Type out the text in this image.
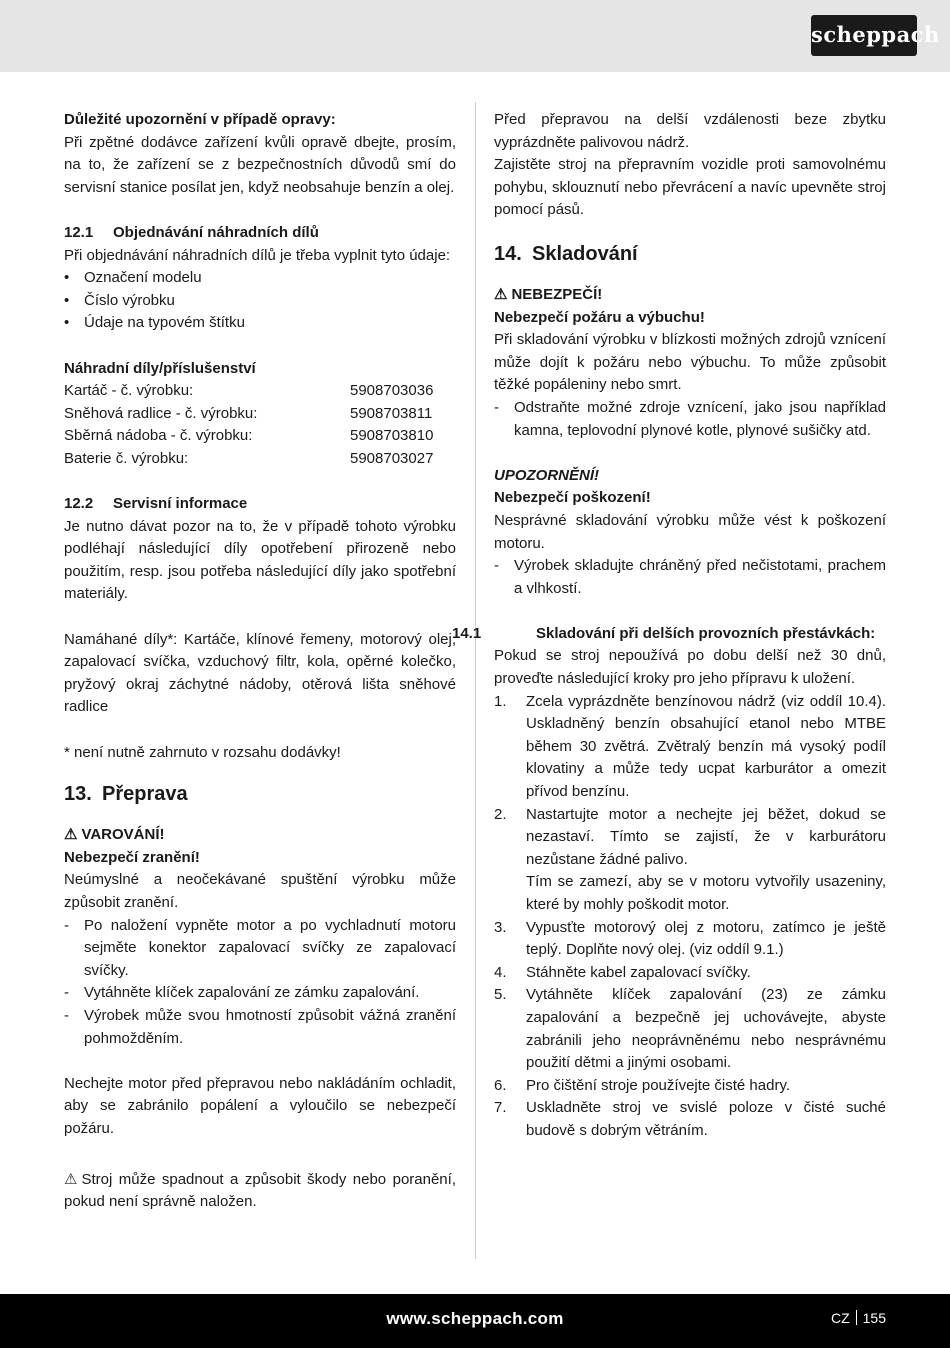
scheppach

Důležité upozornění v případě opravy:

Při zpětné dodávce zařízení kvůli opravě dbejte, prosím, na to, že zařízení se z bezpečnostních důvodů smí do servisní stanice posílat jen, když neobsahuje benzín a olej.

12.1 Objednávání náhradních dílů

Při objednávání náhradních dílů je třeba vyplnit tyto údaje:

• Označení modelu
• Číslo výrobku
• Údaje na typovém štítku

Náhradní díly/příslušenství

Kartáč - č. výrobku:	5908703036
Sněhová radlice - č. výrobku:	5908703811
Sběrná nádoba - č. výrobku:	5908703810
Baterie č. výrobku:	5908703027

12.2 Servisní informace

Je nutno dávat pozor na to, že v případě tohoto výrobku podléhají následující díly opotřebení přirozeně nebo použitím, resp. jsou potřeba následující díly jako spotřební materiály.

Namáhané díly*: Kartáče, klínové řemeny, motorový olej, zapalovací svíčka, vzduchový filtr, kola, opěrné kolečko, pryžový okraj záchytné nádoby, otěrová lišta sněhové radlice

* není nutně zahrnuto v rozsahu dodávky!

13. Přeprava

⚠ VAROVÁNÍ!

Nebezpečí zranění!

Neúmyslné a neočekávané spuštění výrobku může způsobit zranění.

- Po naložení vypněte motor a po vychladnutí motoru sejměte konektor zapalovací svíčky ze zapalovací svíčky.
- Vytáhněte klíček zapalování ze zámku zapalování.
- Výrobek může svou hmotností způsobit vážná zranění pohmožděním.

Nechejte motor před přepravou nebo nakládáním ochladit, aby se zabránilo popálení a vyloučilo se nebezpečí požáru.

⚠ Stroj může spadnout a způsobit škody nebo poranění, pokud není správně naložen.

Před přepravou na delší vzdálenosti beze zbytku vyprázdněte palivovou nádrž.

Zajistěte stroj na přepravním vozidle proti samovolnému pohybu, sklouznutí nebo převrácení a navíc upevněte stroj pomocí pásů.

14. Skladování

⚠ NEBEZPEČÍ!

Nebezpečí požáru a výbuchu!

Při skladování výrobku v blízkosti možných zdrojů vznícení může dojít k požáru nebo výbuchu. To může způsobit těžké popáleniny nebo smrt.

- Odstraňte možné zdroje vznícení, jako jsou například kamna, teplovodní plynové kotle, plynové sušičky atd.

UPOZORNĚNÍ!

Nebezpečí poškození!

Nesprávné skladování výrobku může vést k poškození motoru.

- Výrobek skladujte chráněný před nečistotami, prachem a vlhkostí.

14.1	Skladování při delších provozních přestávkách:

Pokud se stroj nepoužívá po dobu delší než 30 dnů, proveďte následující kroky pro jeho přípravu k uložení.

1. Zcela vyprázdněte benzínovou nádrž (viz oddíl 10.4). Uskladněný benzín obsahující etanol nebo MTBE během 30 zvětrá. Zvětralý benzín má vysoký podíl klovatiny a může tedy ucpat karburátor a omezit přívod benzínu.
2. Nastartujte motor a nechejte jej běžet, dokud se nezastaví. Tímto se zajistí, že v karburátoru nezůstane žádné palivo.
Tím se zamezí, aby se v motoru vytvořily usazeniny, které by mohly poškodit motor.
3. Vypusťte motorový olej z motoru, zatímco je ještě teplý. Doplňte nový olej. (viz oddíl 9.1.)
4. Stáhněte kabel zapalovací svíčky.
5. Vytáhněte klíček zapalování (23) ze zámku zapalování a bezpečně jej uchovávejte, abyste zabránili jeho neoprávněnému nebo nesprávnému použití dětmi a jinými osobami.
6. Pro čištění stroje používejte čisté hadry.
7. Uskladněte stroj ve svislé poloze v čisté suché budově s dobrým větráním.
www.scheppach.com	CZ 155
